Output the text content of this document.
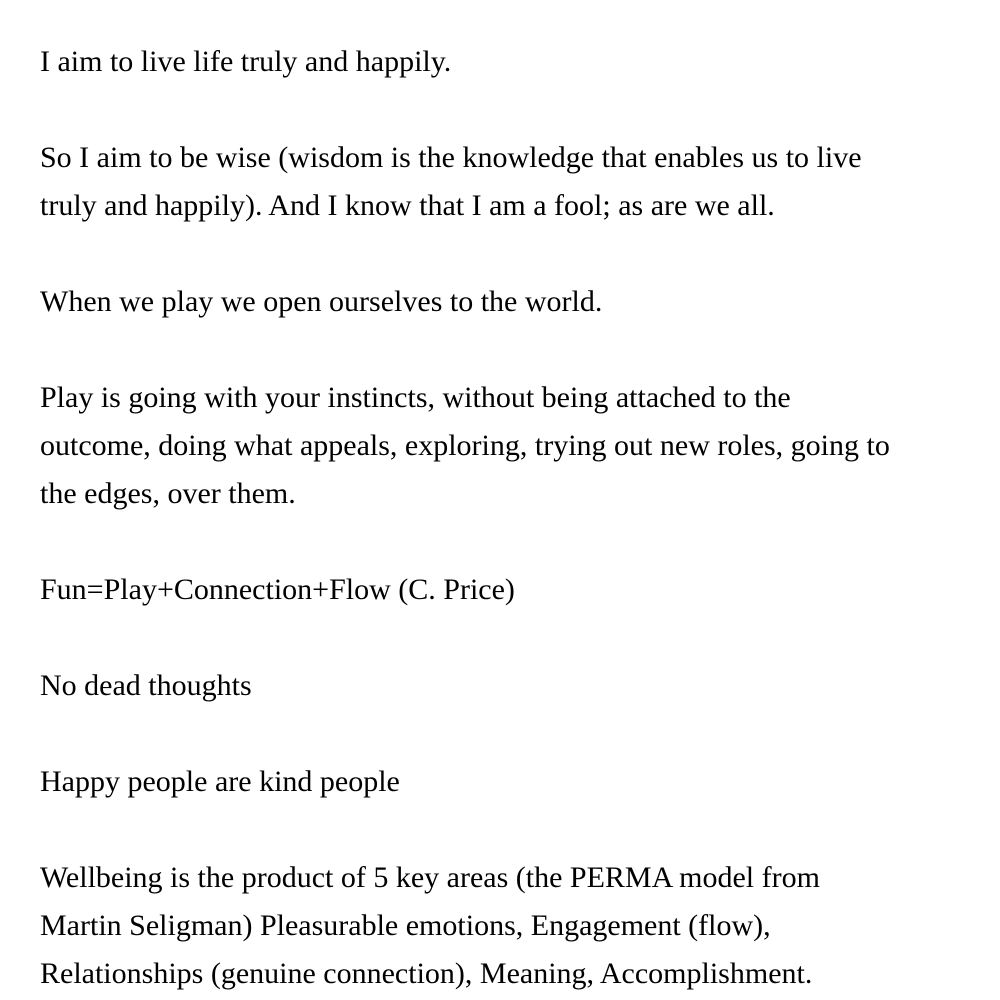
I aim to live life truly and happily.

So I aim to be wise (wisdom is the knowledge that enables us to live
truly and happily). And I know that I am a fool; as are we all.

When we play we open ourselves to the world.

Play is going with your instincts, without being attached to the
outcome, doing what appeals, exploring, trying out new roles, going to
the edges, over them.

Fun=Play+Connection+Flow (C. Price)

No dead thoughts

Happy people are kind people

Wellbeing is the product of 5 key areas (the PERMA model from
Martin Seligman) Pleasurable emotions, Engagement (flow),
Relationships (genuine connection), Meaning, Accomplishment.
